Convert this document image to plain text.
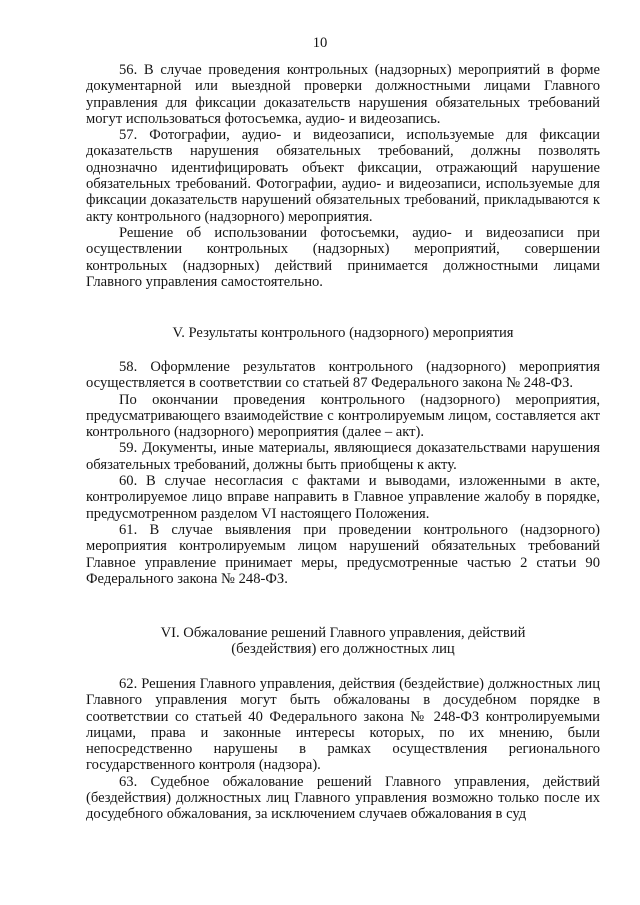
10

56. В случае проведения контрольных (надзорных) мероприятий в форме документарной или выездной проверки должностными лицами Главного управления для фиксации доказательств нарушения обязательных требований могут использоваться фотосъемка, аудио- и видеозапись.

57. Фотографии, аудио- и видеозаписи, используемые для фиксации доказательств нарушения обязательных требований, должны позволять однозначно идентифицировать объект фиксации, отражающий нарушение обязательных требований. Фотографии, аудио- и видеозаписи, используемые для фиксации доказательств нарушений обязательных требований, прикладываются к акту контрольного (надзорного) мероприятия.

Решение об использовании фотосъемки, аудио- и видеозаписи при осуществлении контрольных (надзорных) мероприятий, совершении контрольных (надзорных) действий принимается должностными лицами Главного управления самостоятельно.

V. Результаты контрольного (надзорного) мероприятия

58. Оформление результатов контрольного (надзорного) мероприятия осуществляется в соответствии со статьей 87 Федерального закона № 248-ФЗ.

По окончании проведения контрольного (надзорного) мероприятия, предусматривающего взаимодействие с контролируемым лицом, составляется акт контрольного (надзорного) мероприятия (далее – акт).

59. Документы, иные материалы, являющиеся доказательствами нарушения обязательных требований, должны быть приобщены к акту.

60. В случае несогласия с фактами и выводами, изложенными в акте, контролируемое лицо вправе направить в Главное управление жалобу в порядке, предусмотренном разделом VI настоящего Положения.

61. В случае выявления при проведении контрольного (надзорного) мероприятия контролируемым лицом нарушений обязательных требований Главное управление принимает меры, предусмотренные частью 2 статьи 90 Федерального закона № 248-ФЗ.

VI. Обжалование решений Главного управления, действий
(бездействия) его должностных лиц

62. Решения Главного управления, действия (бездействие) должностных лиц Главного управления могут быть обжалованы в досудебном порядке в соответствии со статьей 40 Федерального закона № 248-ФЗ контролируемыми лицами, права и законные интересы которых, по их мнению, были непосредственно нарушены в рамках осуществления регионального государственного контроля (надзора).

63. Судебное обжалование решений Главного управления, действий (бездействия) должностных лиц Главного управления возможно только после их досудебного обжалования, за исключением случаев обжалования в суд
